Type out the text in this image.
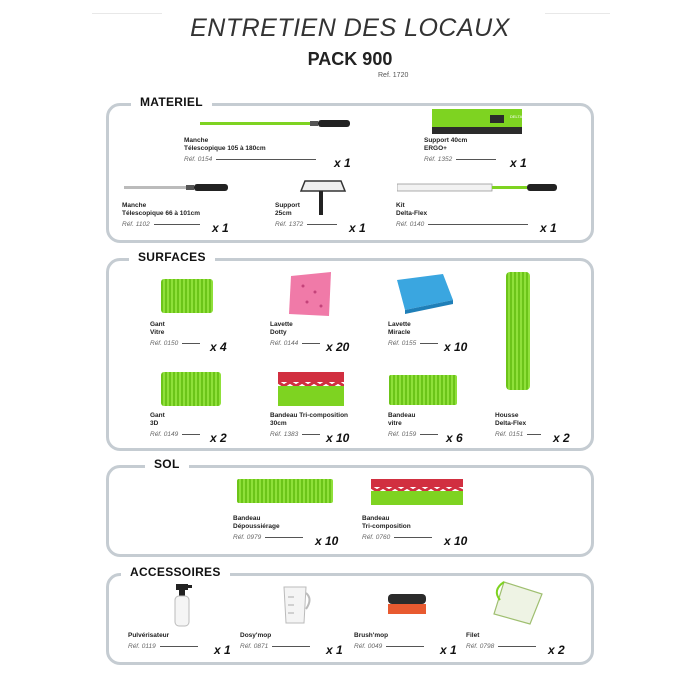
ENTRETIEN DES LOCAUX
PACK 900
Ref. 1720
MATERIEL
DELTA
Manche
Télescopique 105 à 180cm
Réf. 0154	x 1
Support 40cm
ERGO+
Réf. 1352	x 1
Manche
Télescopique 66 à 101cm
Réf. 1102	x 1
Support
25cm
Réf. 1372	x 1
Kit
Delta-Flex
Réf. 0140	x 1
SURFACES
Gant
Vitre
Réf. 0150	x 4
Lavette
Dotty
Réf. 0144	x 20
Lavette
Miracle
Réf. 0155	x 10
Gant
3D
Réf. 0149	x 2
Bandeau Tri-composition
30cm
Réf. 1383	x 10
Bandeau
vitre
Réf. 0159	x 6
Housse
Delta-Flex
Réf. 0151	x 2
SOL
Bandeau
Dépoussiérage
Réf. 0979	x 10
Bandeau
Tri-composition
Réf. 0760	x 10
ACCESSOIRES
Pulvérisateur
Réf. 0119	x 1
Dosy'mop
Réf. 0871	x 1
Brush'mop
Réf. 0049	x 1
Filet
Réf. 0798	x 2
